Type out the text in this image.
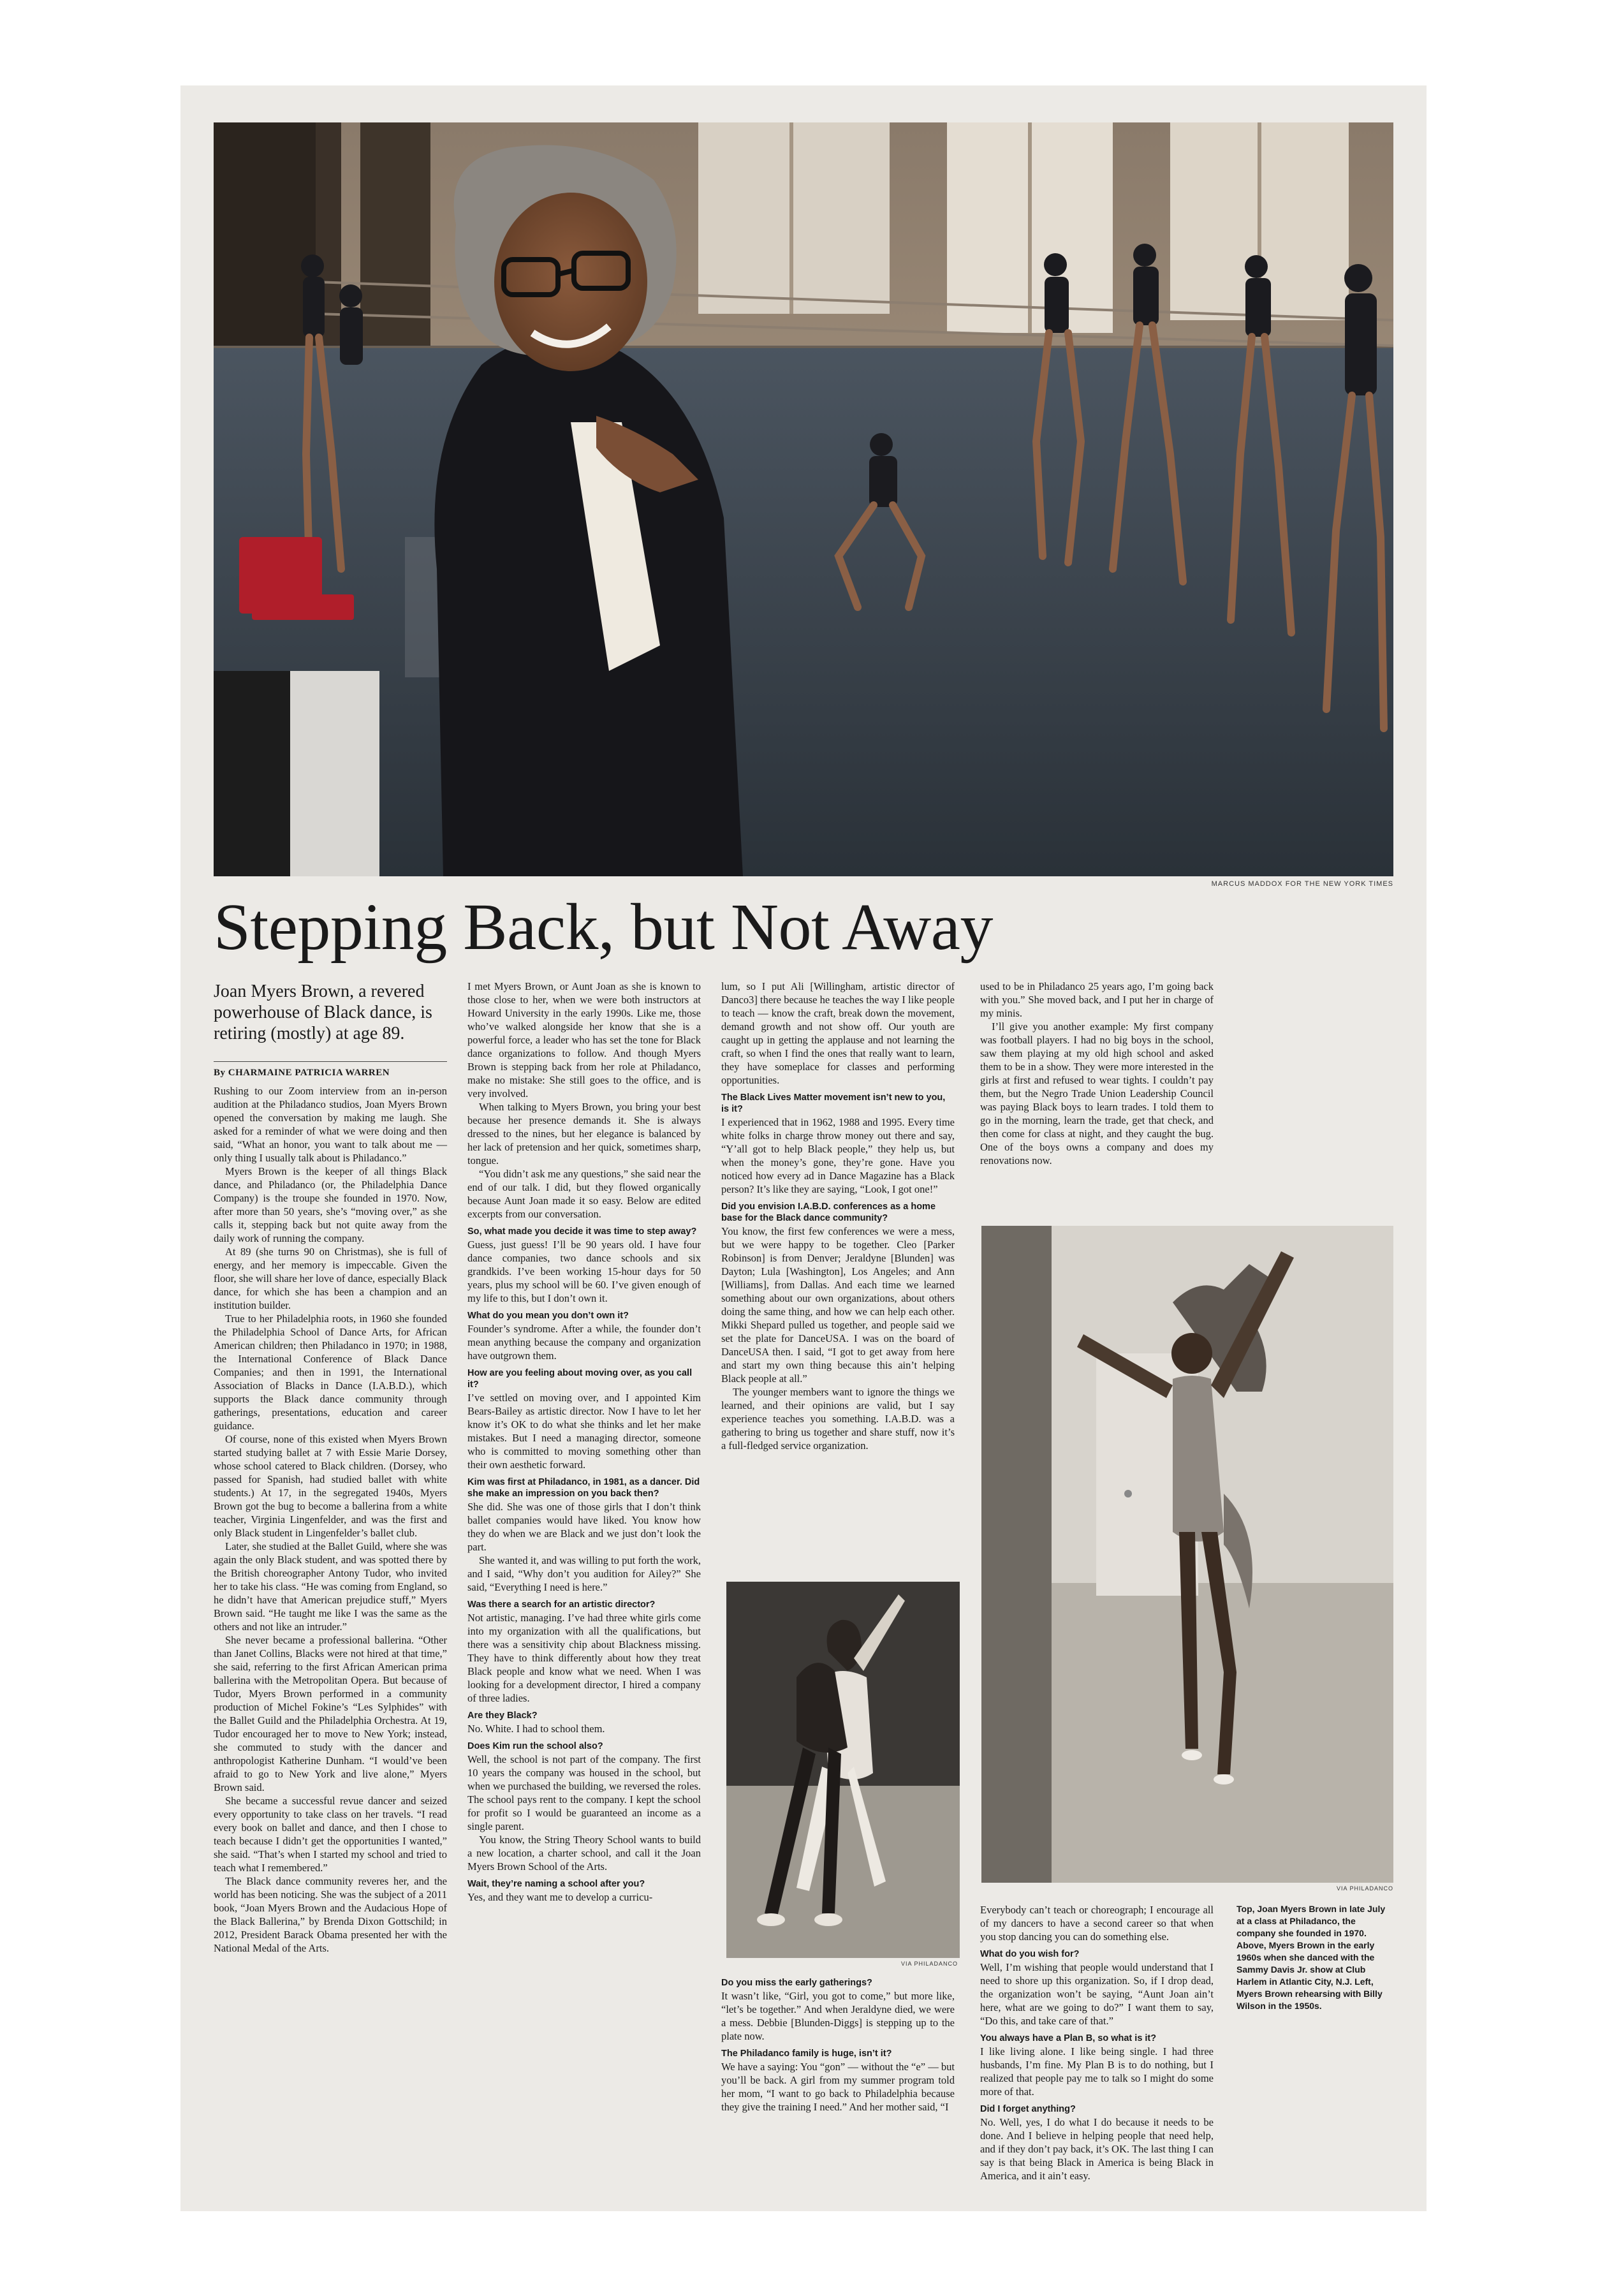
MARCUS MADDOX FOR THE NEW YORK TIMES
Stepping Back, but Not Away

Joan Myers Brown, a revered powerhouse of Black dance, is retiring (mostly) at age 89.

By CHARMAINE PATRICIA WARREN

Rushing to our Zoom interview from an in-person audition at the Philadanco studios, Joan Myers Brown opened the conversation by making me laugh. She asked for a reminder of what we were doing and then said, “What an honor, you want to talk about me — only thing I usually talk about is Philadanco.”

Myers Brown is the keeper of all things Black dance, and Philadanco (or, the Philadelphia Dance Company) is the troupe she founded in 1970. Now, after more than 50 years, she’s “moving over,” as she calls it, stepping back but not quite away from the daily work of running the company.

At 89 (she turns 90 on Christmas), she is full of energy, and her memory is impeccable. Given the floor, she will share her love of dance, especially Black dance, for which she has been a champion and an institution builder.

True to her Philadelphia roots, in 1960 she founded the Philadelphia School of Dance Arts, for African American children; then Philadanco in 1970; in 1988, the International Conference of Black Dance Companies; and then in 1991, the International Association of Blacks in Dance (I.A.B.D.), which supports the Black dance community through gatherings, presentations, education and career guidance.

Of course, none of this existed when Myers Brown started studying ballet at 7 with Essie Marie Dorsey, whose school catered to Black children. (Dorsey, who passed for Spanish, had studied ballet with white students.) At 17, in the segregated 1940s, Myers Brown got the bug to become a ballerina from a white teacher, Virginia Lingenfelder, and was the first and only Black student in Lingenfelder’s ballet club.

Later, she studied at the Ballet Guild, where she was again the only Black student, and was spotted there by the British choreographer Antony Tudor, who invited her to take his class. “He was coming from England, so he didn’t have that American prejudice stuff,” Myers Brown said. “He taught me like I was the same as the others and not like an intruder.”

She never became a professional ballerina. “Other than Janet Collins, Blacks were not hired at that time,” she said, referring to the first African American prima ballerina with the Metropolitan Opera. But because of Tudor, Myers Brown performed in a community production of Michel Fokine’s “Les Sylphides” with the Ballet Guild and the Philadelphia Orchestra. At 19, Tudor encouraged her to move to New York; instead, she commuted to study with the dancer and anthropologist Katherine Dunham. “I would’ve been afraid to go to New York and live alone,” Myers Brown said.

She became a successful revue dancer and seized every opportunity to take class on her travels. “I read every book on ballet and dance, and then I chose to teach because I didn’t get the opportunities I wanted,” she said. “That’s when I started my school and tried to teach what I remembered.”

The Black dance community reveres her, and the world has been noticing. She was the subject of a 2011 book, “Joan Myers Brown and the Audacious Hope of the Black Ballerina,” by Brenda Dixon Gottschild; in 2012, President Barack Obama presented her with the National Medal of the Arts.

I met Myers Brown, or Aunt Joan as she is known to those close to her, when we were both instructors at Howard University in the early 1990s. Like me, those who’ve walked alongside her know that she is a powerful force, a leader who has set the tone for Black dance organizations to follow. And though Myers Brown is stepping back from her role at Philadanco, make no mistake: She still goes to the office, and is very involved.

When talking to Myers Brown, you bring your best because her presence demands it. She is always dressed to the nines, but her elegance is balanced by her lack of pretension and her quick, sometimes sharp, tongue.

“You didn’t ask me any questions,” she said near the end of our talk. I did, but they flowed organically because Aunt Joan made it so easy. Below are edited excerpts from our conversation.

So, what made you decide it was time to step away?

Guess, just guess! I’ll be 90 years old. I have four dance companies, two dance schools and six grandkids. I’ve been working 15-hour days for 50 years, plus my school will be 60. I’ve given enough of my life to this, but I don’t own it.

What do you mean you don’t own it?

Founder’s syndrome. After a while, the founder don’t mean anything because the company and organization have outgrown them.

How are you feeling about moving over, as you call it?

I’ve settled on moving over, and I appointed Kim Bears-Bailey as artistic director. Now I have to let her know it’s OK to do what she thinks and let her make mistakes. But I need a managing director, someone who is committed to moving something other than their own aesthetic forward.

Kim was first at Philadanco, in 1981, as a dancer. Did she make an impression on you back then?

She did. She was one of those girls that I don’t think ballet companies would have liked. You know how they do when we are Black and we just don’t look the part.

She wanted it, and was willing to put forth the work, and I said, “Why don’t you audition for Ailey?” She said, “Everything I need is here.”

Was there a search for an artistic director?

Not artistic, managing. I’ve had three white girls come into my organization with all the qualifications, but there was a sensitivity chip about Blackness missing. They have to think differently about how they treat Black people and know what we need. When I was looking for a development director, I hired a company of three ladies.

Are they Black?

No. White. I had to school them.

Does Kim run the school also?

Well, the school is not part of the company. The first 10 years the company was housed in the school, but when we purchased the building, we reversed the roles. The school pays rent to the company. I kept the school for profit so I would be guaranteed an income as a single parent.

You know, the String Theory School wants to build a new location, a charter school, and call it the Joan Myers Brown School of the Arts.

Wait, they’re naming a school after you?

Yes, and they want me to develop a curricu-

lum, so I put Ali [Willingham, artistic director of Danco3] there because he teaches the way I like people to teach — know the craft, break down the movement, demand growth and not show off. Our youth are caught up in getting the applause and not learning the craft, so when I find the ones that really want to learn, they have someplace for classes and performing opportunities.

The Black Lives Matter movement isn’t new to you, is it?

I experienced that in 1962, 1988 and 1995. Every time white folks in charge throw money out there and say, “Y’all got to help Black people,” they help us, but when the money’s gone, they’re gone. Have you noticed how every ad in Dance Magazine has a Black person? It’s like they are saying, “Look, I got one!”

Did you envision I.A.B.D. conferences as a home base for the Black dance community?

You know, the first few conferences we were a mess, but we were happy to be together. Cleo [Parker Robinson] is from Denver; Jeraldyne [Blunden] was Dayton; Lula [Washington], Los Angeles; and Ann [Williams], from Dallas. And each time we learned something about our own organizations, about others doing the same thing, and how we can help each other. Mikki Shepard pulled us together, and people said we set the plate for DanceUSA. I was on the board of DanceUSA then. I said, “I got to get away from here and start my own thing because this ain’t helping Black people at all.”

The younger members want to ignore the things we learned, and their opinions are valid, but I say experience teaches you something. I.A.B.D. was a gathering to bring us together and share stuff, now it’s a full-fledged service organization.

VIA PHILADANCO
Do you miss the early gatherings?

It wasn’t like, “Girl, you got to come,” but more like, “let’s be together.” And when Jeraldyne died, we were a mess. Debbie [Blunden-Diggs] is stepping up to the plate now.

The Philadanco family is huge, isn’t it?

We have a saying: You “gon” — without the “e” — but you’ll be back. A girl from my summer program told her mom, “I want to go back to Philadelphia because they give the training I need.” And her mother said, “I

used to be in Philadanco 25 years ago, I’m going back with you.” She moved back, and I put her in charge of my minis.

I’ll give you another example: My first company was football players. I had no big boys in the school, saw them playing at my old high school and asked them to be in a show. They were more interested in the girls at first and refused to wear tights. I couldn’t pay them, but the Negro Trade Union Leadership Council was paying Black boys to learn trades. I told them to go in the morning, learn the trade, get that check, and then come for class at night, and they caught the bug. One of the boys owns a company and does my renovations now.

VIA PHILADANCO

Everybody can’t teach or choreograph; I encourage all of my dancers to have a second career so that when you stop dancing you can do something else.

What do you wish for?

Well, I’m wishing that people would understand that I need to shore up this organization. So, if I drop dead, the organization won’t be saying, “Aunt Joan ain’t here, what are we going to do?” I want them to say, “Do this, and take care of that.”

You always have a Plan B, so what is it?

I like living alone. I like being single. I had three husbands, I’m fine. My Plan B is to do nothing, but I realized that people pay me to talk so I might do some more of that.

Did I forget anything?

No. Well, yes, I do what I do because it needs to be done. And I believe in helping people that need help, and if they don’t pay back, it’s OK. The last thing I can say is that being Black in America is being Black in America, and it ain’t easy.

Top, Joan Myers Brown in late July at a class at Philadanco, the company she founded in 1970. Above, Myers Brown in the early 1960s when she danced with the Sammy Davis Jr. show at Club Harlem in Atlantic City, N.J. Left, Myers Brown rehearsing with Billy Wilson in the 1950s.
